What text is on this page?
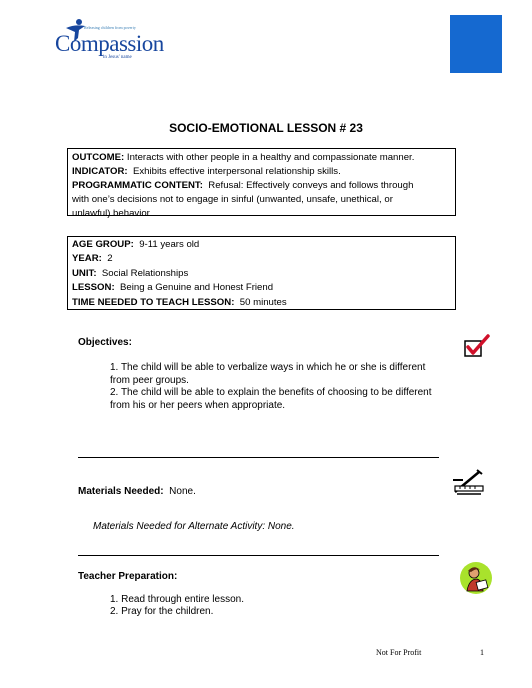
Releasing children from poverty
Compassion
in Jesus' name
SOCIO-EMOTIONAL LESSON # 23
OUTCOME: Interacts with other people in a healthy and compassionate manner.
INDICATOR: Exhibits effective interpersonal relationship skills.
PROGRAMMATIC CONTENT: Refusal: Effectively conveys and follows through
with one’s decisions not to engage in sinful (unwanted, unsafe, unethical, or
unlawful) behavior.
AGE GROUP: 9-11 years old
YEAR: 2
UNIT: Social Relationships
LESSON: Being a Genuine and Honest Friend
TIME NEEDED TO TEACH LESSON: 50 minutes
Objectives:
1. The child will be able to verbalize ways in which he or she is different
from peer groups.
2. The child will be able to explain the benefits of choosing to be different
from his or her peers when appropriate.
Materials Needed: None.
Materials Needed for Alternate Activity: None.
Teacher Preparation:
1. Read through entire lesson.
2. Pray for the children.
Not For Profit	1
